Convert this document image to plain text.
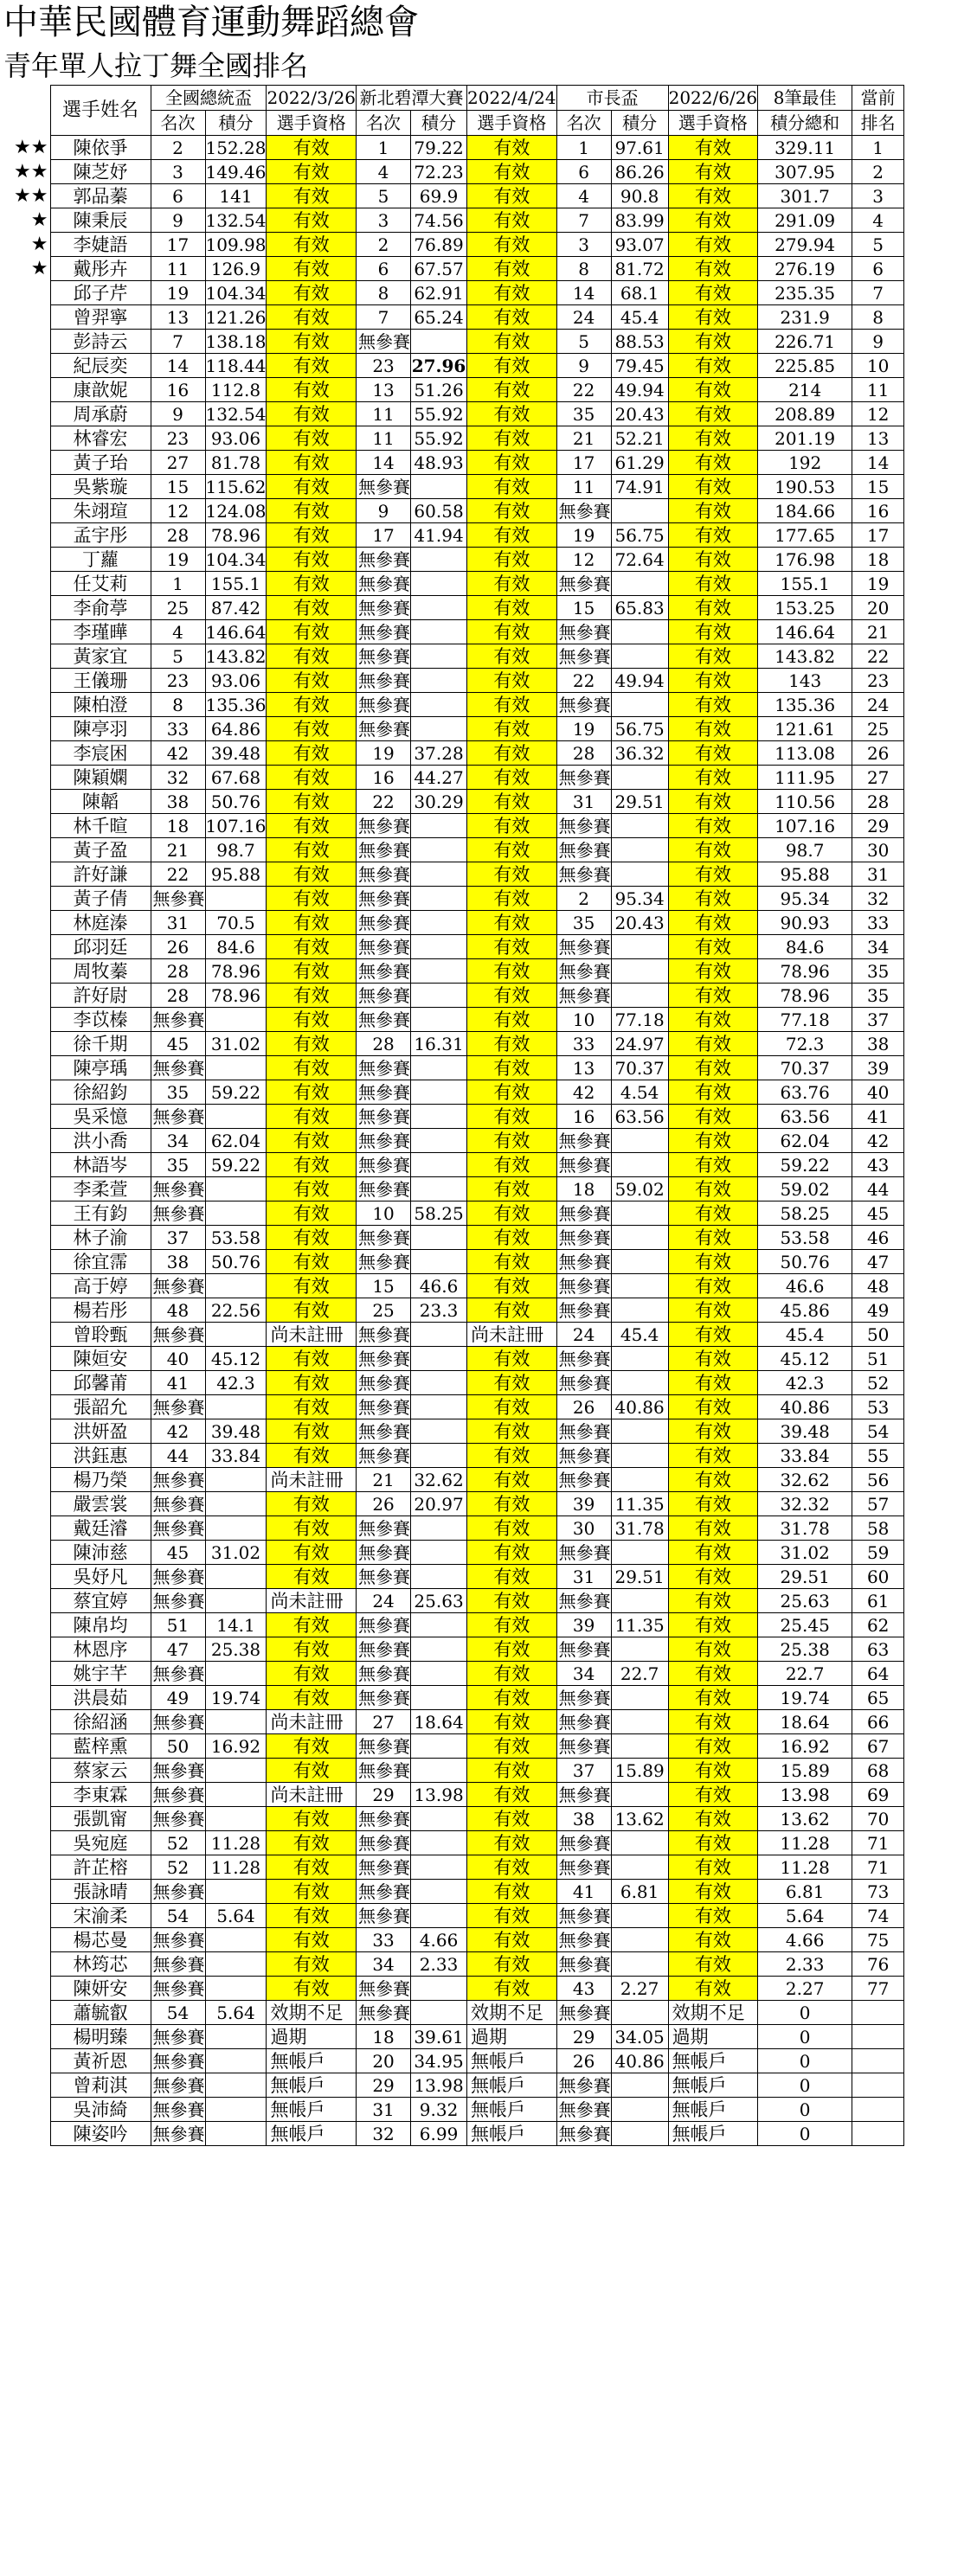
中華民國體育運動舞蹈總會
青年單人拉丁舞全國排名
	選手姓名	全國總統盃		2022/3/26	新北碧潭大賽		2022/4/24	市長盃		2022/6/26	8筆最佳	當前
		名次	積分	選手資格	名次	積分	選手資格	名次	積分	選手資格	積分總和	排名
★★	陳依爭	2	152.28	有效	1	79.22	有效	1	97.61	有效	329.11	1
★★	陳芝妤	3	149.46	有效	4	72.23	有效	6	86.26	有效	307.95	2
★★	郭品蓁	6	141	有效	5	69.9	有效	4	90.8	有效	301.7	3
★	陳秉辰	9	132.54	有效	3	74.56	有效	7	83.99	有效	291.09	4
★	李婕語	17	109.98	有效	2	76.89	有效	3	93.07	有效	279.94	5
★	戴彤卉	11	126.9	有效	6	67.57	有效	8	81.72	有效	276.19	6
	邱子芹	19	104.34	有效	8	62.91	有效	14	68.1	有效	235.35	7
	曾羿寧	13	121.26	有效	7	65.24	有效	24	45.4	有效	231.9	8
	彭詩云	7	138.18	有效	無參賽		有效	5	88.53	有效	226.71	9
	紀辰奕	14	118.44	有效	23	27.96	有效	9	79.45	有效	225.85	10
	康歆妮	16	112.8	有效	13	51.26	有效	22	49.94	有效	214	11
	周承蔚	9	132.54	有效	11	55.92	有效	35	20.43	有效	208.89	12
	林睿宏	23	93.06	有效	11	55.92	有效	21	52.21	有效	201.19	13
	黃子珆	27	81.78	有效	14	48.93	有效	17	61.29	有效	192	14
	吳紫璇	15	115.62	有效	無參賽		有效	11	74.91	有效	190.53	15
	朱翊瑄	12	124.08	有效	9	60.58	有效	無參賽		有效	184.66	16
	孟宇彤	28	78.96	有效	17	41.94	有效	19	56.75	有效	177.65	17
	丁蘿	19	104.34	有效	無參賽		有效	12	72.64	有效	176.98	18
	任艾莉	1	155.1	有效	無參賽		有效	無參賽		有效	155.1	19
	李俞葶	25	87.42	有效	無參賽		有效	15	65.83	有效	153.25	20
	李瑾曄	4	146.64	有效	無參賽		有效	無參賽		有效	146.64	21
	黃家宜	5	143.82	有效	無參賽		有效	無參賽		有效	143.82	22
	王儀珊	23	93.06	有效	無參賽		有效	22	49.94	有效	143	23
	陳柏澄	8	135.36	有效	無參賽		有效	無參賽		有效	135.36	24
	陳亭羽	33	64.86	有效	無參賽		有效	19	56.75	有效	121.61	25
	李宸困	42	39.48	有效	19	37.28	有效	28	36.32	有效	113.08	26
	陳穎嫻	32	67.68	有效	16	44.27	有效	無參賽		有效	111.95	27
	陳韜	38	50.76	有效	22	30.29	有效	31	29.51	有效	110.56	28
	林千暄	18	107.16	有效	無參賽		有效	無參賽		有效	107.16	29
	黃子盈	21	98.7	有效	無參賽		有效	無參賽		有效	98.7	30
	許好謙	22	95.88	有效	無參賽		有效	無參賽		有效	95.88	31
	黃子倩	無參賽		有效	無參賽		有效	2	95.34	有效	95.34	32
	林庭溱	31	70.5	有效	無參賽		有效	35	20.43	有效	90.93	33
	邱羽廷	26	84.6	有效	無參賽		有效	無參賽		有效	84.6	34
	周牧蓁	28	78.96	有效	無參賽		有效	無參賽		有效	78.96	35
	許好尉	28	78.96	有效	無參賽		有效	無參賽		有效	78.96	35
	李苡榛	無參賽		有效	無參賽		有效	10	77.18	有效	77.18	37
	徐千期	45	31.02	有效	28	16.31	有效	33	24.97	有效	72.3	38
	陳亭瑀	無參賽		有效	無參賽		有效	13	70.37	有效	70.37	39
	徐紹鈞	35	59.22	有效	無參賽		有效	42	4.54	有效	63.76	40
	吳采憶	無參賽		有效	無參賽		有效	16	63.56	有效	63.56	41
	洪小喬	34	62.04	有效	無參賽		有效	無參賽		有效	62.04	42
	林語岑	35	59.22	有效	無參賽		有效	無參賽		有效	59.22	43
	李柔萱	無參賽		有效	無參賽		有效	18	59.02	有效	59.02	44
	王有鈞	無參賽		有效	10	58.25	有效	無參賽		有效	58.25	45
	林子渝	37	53.58	有效	無參賽		有效	無參賽		有效	53.58	46
	徐宜霈	38	50.76	有效	無參賽		有效	無參賽		有效	50.76	47
	高于婷	無參賽		有效	15	46.6	有效	無參賽		有效	46.6	48
	楊若彤	48	22.56	有效	25	23.3	有效	無參賽		有效	45.86	49
	曾聆甄	無參賽		尚未註冊	無參賽		尚未註冊	24	45.4	有效	45.4	50
	陳姮安	40	45.12	有效	無參賽		有效	無參賽		有效	45.12	51
	邱馨莆	41	42.3	有效	無參賽		有效	無參賽		有效	42.3	52
	張韶允	無參賽		有效	無參賽		有效	26	40.86	有效	40.86	53
	洪妍盈	42	39.48	有效	無參賽		有效	無參賽		有效	39.48	54
	洪鈺惠	44	33.84	有效	無參賽		有效	無參賽		有效	33.84	55
	楊乃榮	無參賽		尚未註冊	21	32.62	有效	無參賽		有效	32.62	56
	嚴雲裳	無參賽		有效	26	20.97	有效	39	11.35	有效	32.32	57
	戴廷濬	無參賽		有效	無參賽		有效	30	31.78	有效	31.78	58
	陳沛慈	45	31.02	有效	無參賽		有效	無參賽		有效	31.02	59
	吳妤凡	無參賽		有效	無參賽		有效	31	29.51	有效	29.51	60
	蔡宜婷	無參賽		尚未註冊	24	25.63	有效	無參賽		有效	25.63	61
	陳帛均	51	14.1	有效	無參賽		有效	39	11.35	有效	25.45	62
	林恩序	47	25.38	有效	無參賽		有效	無參賽		有效	25.38	63
	姚宇芊	無參賽		有效	無參賽		有效	34	22.7	有效	22.7	64
	洪晨茹	49	19.74	有效	無參賽		有效	無參賽		有效	19.74	65
	徐紹涵	無參賽		尚未註冊	27	18.64	有效	無參賽		有效	18.64	66
	藍梓熏	50	16.92	有效	無參賽		有效	無參賽		有效	16.92	67
	蔡家云	無參賽		有效	無參賽		有效	37	15.89	有效	15.89	68
	李東霖	無參賽		尚未註冊	29	13.98	有效	無參賽		有效	13.98	69
	張凱甯	無參賽		有效	無參賽		有效	38	13.62	有效	13.62	70
	吳宛庭	52	11.28	有效	無參賽		有效	無參賽		有效	11.28	71
	許芷榕	52	11.28	有效	無參賽		有效	無參賽		有效	11.28	71
	張詠晴	無參賽		有效	無參賽		有效	41	6.81	有效	6.81	73
	宋渝柔	54	5.64	有效	無參賽		有效	無參賽		有效	5.64	74
	楊芯曼	無參賽		有效	33	4.66	有效	無參賽		有效	4.66	75
	林筠芯	無參賽		有效	34	2.33	有效	無參賽		有效	2.33	76
	陳妍安	無參賽		有效	無參賽		有效	43	2.27	有效	2.27	77
	蕭毓叡	54	5.64	效期不足	無參賽		效期不足	無參賽		效期不足	0	
	楊明臻	無參賽		過期	18	39.61	過期	29	34.05	過期	0	
	黃祈恩	無參賽		無帳戶	20	34.95	無帳戶	26	40.86	無帳戶	0	
	曾莉淇	無參賽		無帳戶	29	13.98	無帳戶	無參賽		無帳戶	0	
	吳沛綺	無參賽		無帳戶	31	9.32	無帳戶	無參賽		無帳戶	0	
	陳姿吟	無參賽		無帳戶	32	6.99	無帳戶	無參賽		無帳戶	0	
